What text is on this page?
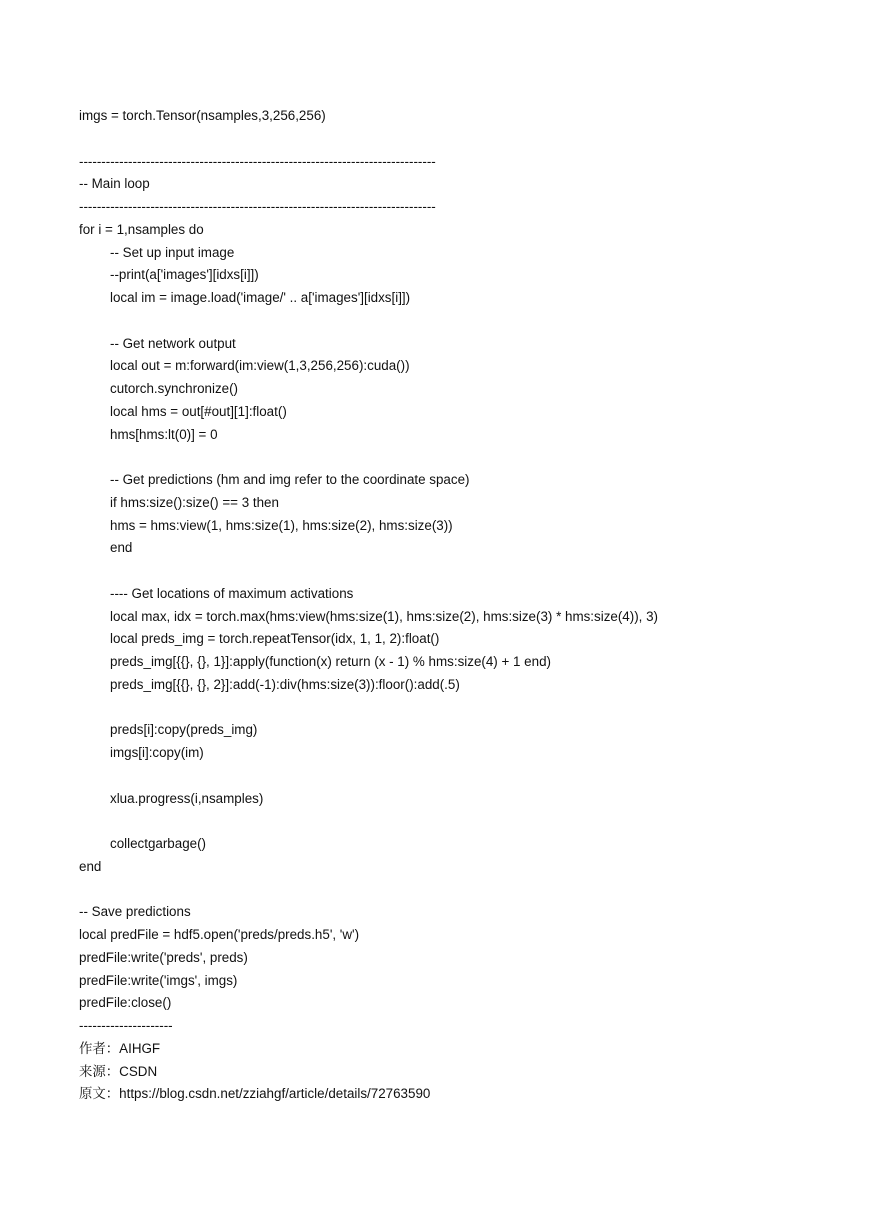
imgs = torch.Tensor(nsamples,3,256,256)
--------------------------------------------------------------------------------
-- Main loop
--------------------------------------------------------------------------------
for i = 1,nsamples do
-- Set up input image
--print(a['images'][idxs[i]])
local im = image.load('image/' .. a['images'][idxs[i]])
-- Get network output
local out = m:forward(im:view(1,3,256,256):cuda())
cutorch.synchronize()
local hms = out[#out][1]:float()
hms[hms:lt(0)] = 0
-- Get predictions (hm and img refer to the coordinate space)
if hms:size():size() == 3 then
hms = hms:view(1, hms:size(1), hms:size(2), hms:size(3))
end
---- Get locations of maximum activations
local max, idx = torch.max(hms:view(hms:size(1), hms:size(2), hms:size(3) * hms:size(4)), 3)
local preds_img = torch.repeatTensor(idx, 1, 1, 2):float()
preds_img[{{}, {}, 1}]:apply(function(x) return (x - 1) % hms:size(4) + 1 end)
preds_img[{{}, {}, 2}]:add(-1):div(hms:size(3)):floor():add(.5)
preds[i]:copy(preds_img)
imgs[i]:copy(im)
xlua.progress(i,nsamples)
collectgarbage()
end
-- Save predictions
local predFile = hdf5.open('preds/preds.h5', 'w')
predFile:write('preds', preds)
predFile:write('imgs', imgs)
predFile:close()
---------------------
作者：AIHGF
来源：CSDN
原文：https://blog.csdn.net/zziahgf/article/details/72763590
